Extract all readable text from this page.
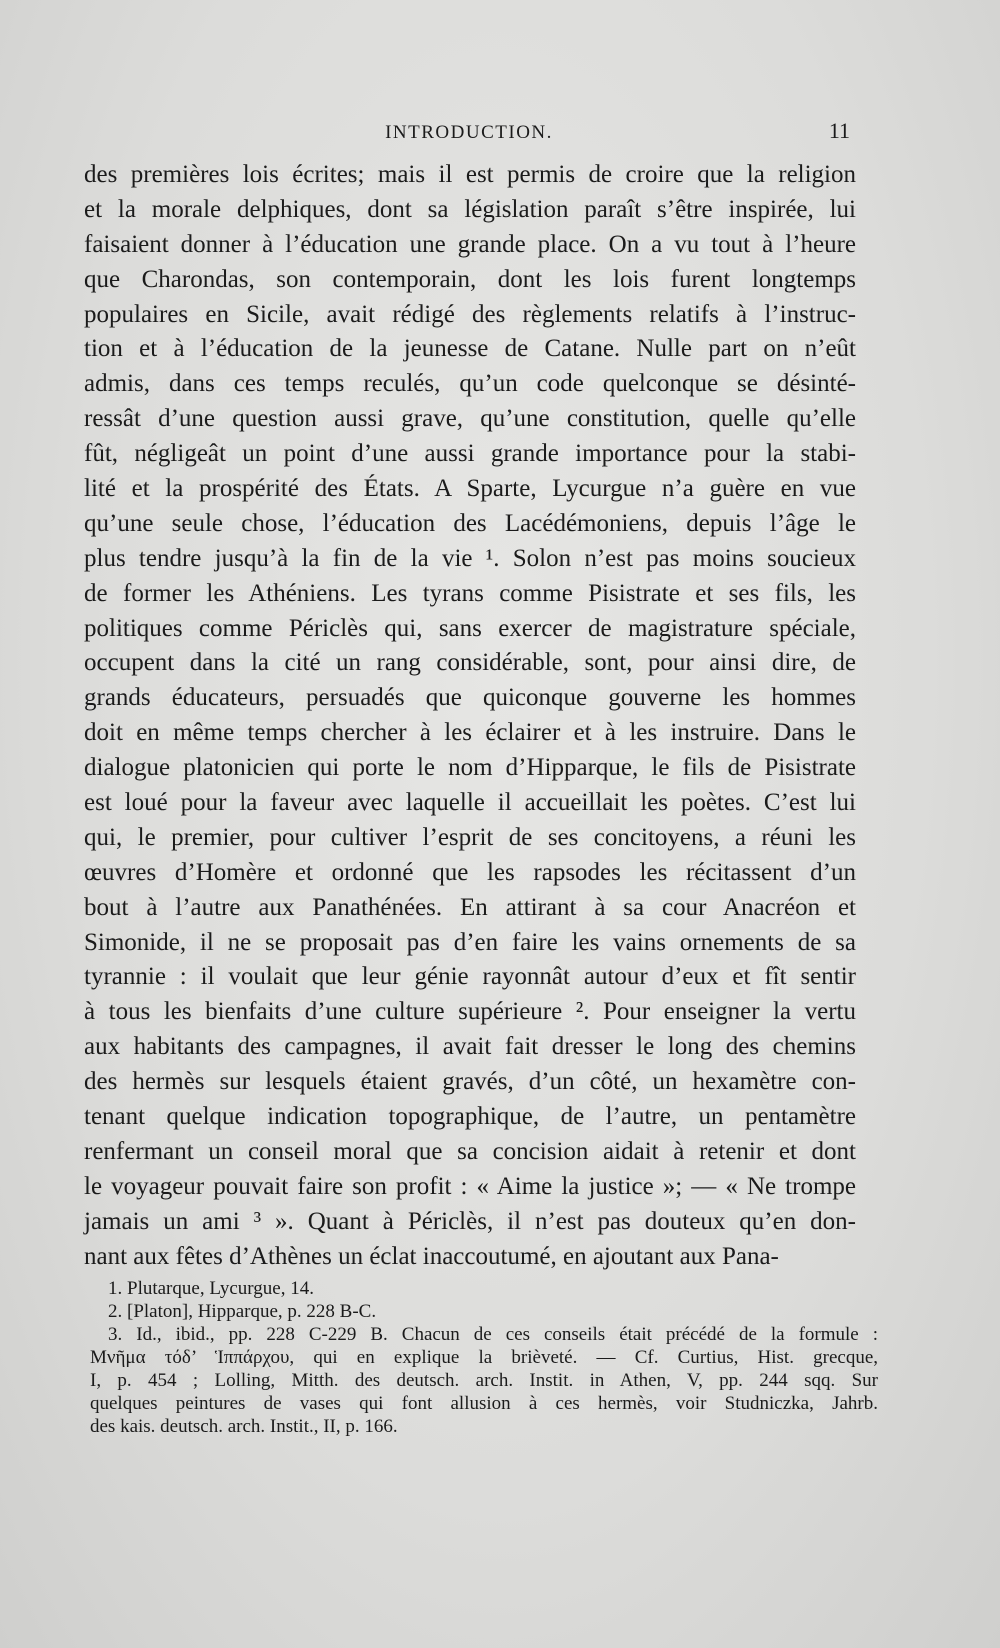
INTRODUCTION.	11
des premières lois écrites; mais il est permis de croire que la religion
et la morale delphiques, dont sa législation paraît s’être inspirée, lui
faisaient donner à l’éducation une grande place. On a vu tout à l’heure
que Charondas, son contemporain, dont les lois furent longtemps
populaires en Sicile, avait rédigé des règlements relatifs à l’instruc-
tion et à l’éducation de la jeunesse de Catane. Nulle part on n’eût
admis, dans ces temps reculés, qu’un code quelconque se désinté-
ressât d’une question aussi grave, qu’une constitution, quelle qu’elle
fût, négligeât un point d’une aussi grande importance pour la stabi-
lité et la prospérité des États. A Sparte, Lycurgue n’a guère en vue
qu’une seule chose, l’éducation des Lacédémoniens, depuis l’âge le
plus tendre jusqu’à la fin de la vie ¹. Solon n’est pas moins soucieux
de former les Athéniens. Les tyrans comme Pisistrate et ses fils, les
politiques comme Périclès qui, sans exercer de magistrature spéciale,
occupent dans la cité un rang considérable, sont, pour ainsi dire, de
grands éducateurs, persuadés que quiconque gouverne les hommes
doit en même temps chercher à les éclairer et à les instruire. Dans le
dialogue platonicien qui porte le nom d’Hipparque, le fils de Pisistrate
est loué pour la faveur avec laquelle il accueillait les poètes. C’est lui
qui, le premier, pour cultiver l’esprit de ses concitoyens, a réuni les
œuvres d’Homère et ordonné que les rapsodes les récitassent d’un
bout à l’autre aux Panathénées. En attirant à sa cour Anacréon et
Simonide, il ne se proposait pas d’en faire les vains ornements de sa
tyrannie : il voulait que leur génie rayonnât autour d’eux et fît sentir
à tous les bienfaits d’une culture supérieure ². Pour enseigner la vertu
aux habitants des campagnes, il avait fait dresser le long des chemins
des hermès sur lesquels étaient gravés, d’un côté, un hexamètre con-
tenant quelque indication topographique, de l’autre, un pentamètre
renfermant un conseil moral que sa concision aidait à retenir et dont
le voyageur pouvait faire son profit : « Aime la justice »; — « Ne trompe
jamais un ami ³ ». Quant à Périclès, il n’est pas douteux qu’en don-
nant aux fêtes d’Athènes un éclat inaccoutumé, en ajoutant aux Pana-
1. Plutarque, Lycurgue, 14.
2. [Platon], Hipparque, p. 228 B-C.
3. Id., ibid., pp. 228 C-229 B. Chacun de ces conseils était précédé de la formule :
Μνῆμα τόδ’ Ἱππάρχου, qui en explique la brièveté. — Cf. Curtius, Hist. grecque,
I, p. 454 ; Lolling, Mitth. des deutsch. arch. Instit. in Athen, V, pp. 244 sqq. Sur
quelques peintures de vases qui font allusion à ces hermès, voir Studniczka, Jahrb.
des kais. deutsch. arch. Instit., II, p. 166.
